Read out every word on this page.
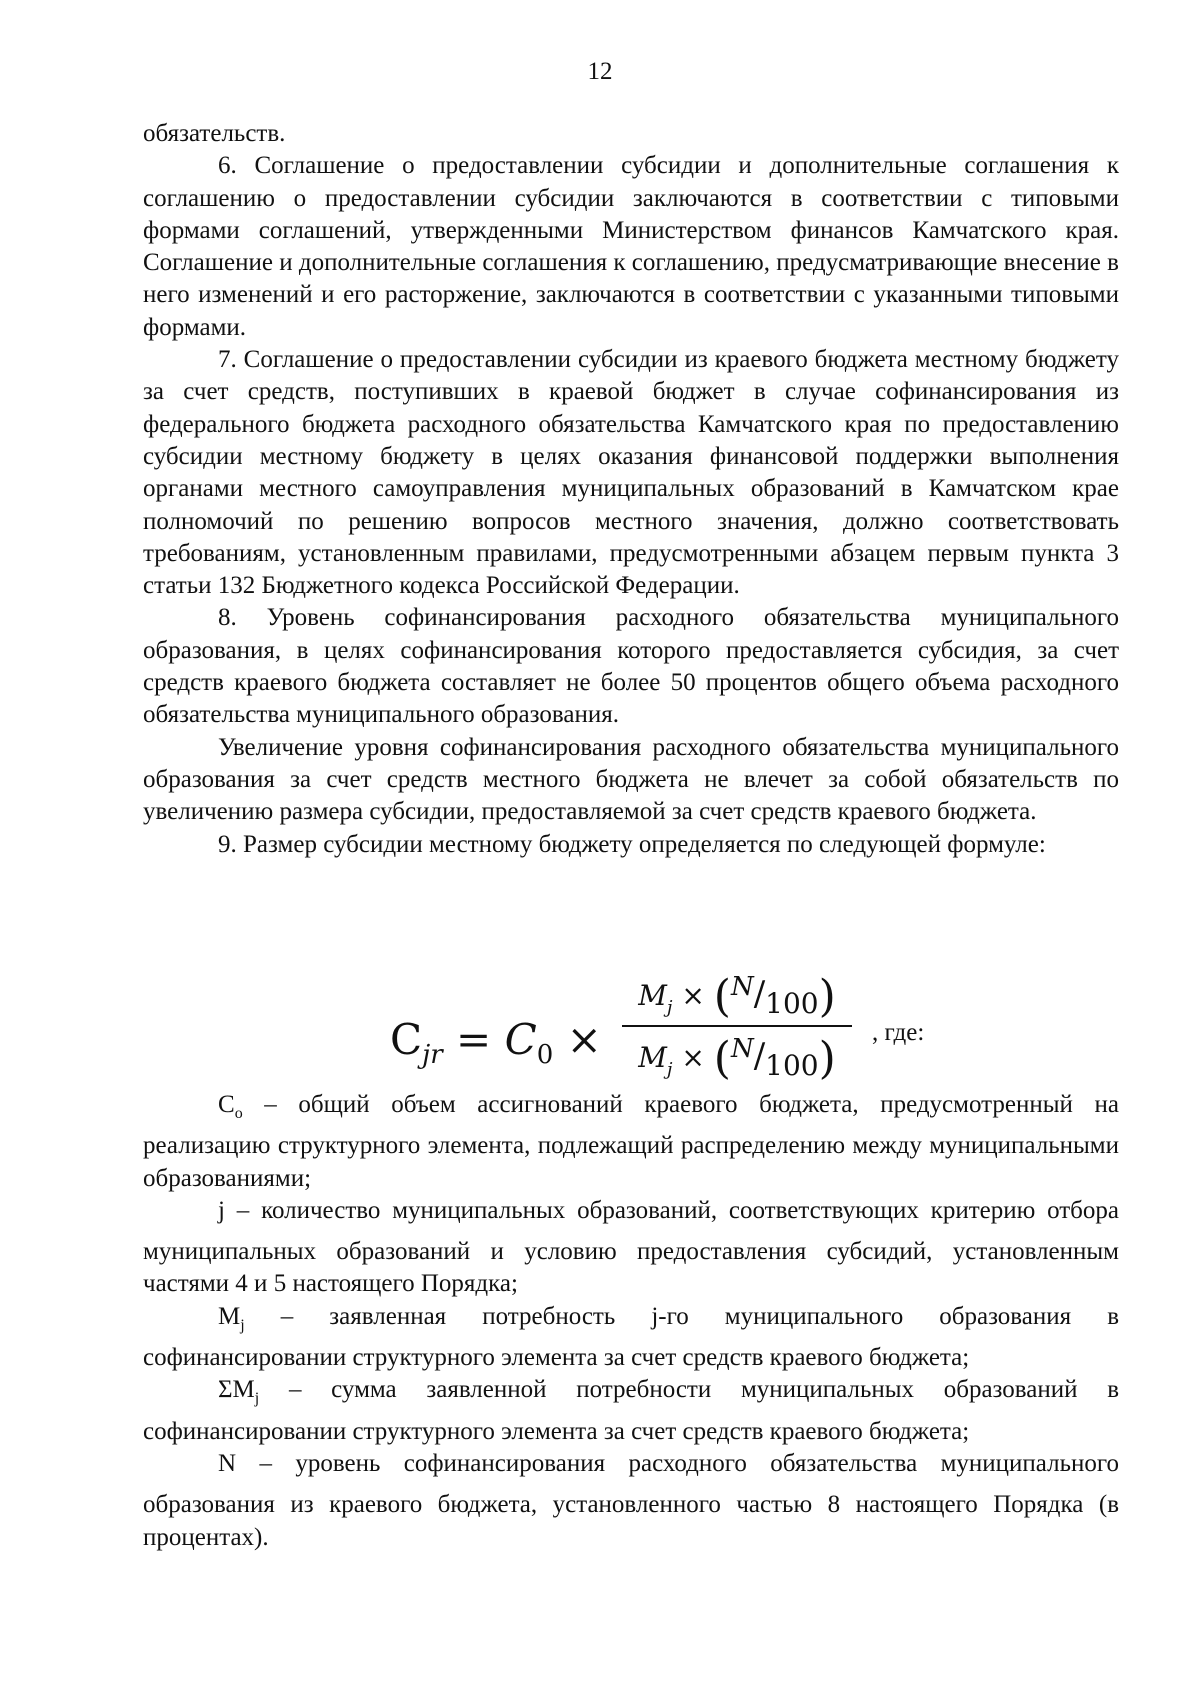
12

обязательств.

6. Соглашение о предоставлении субсидии и дополнительные соглашения к соглашению о предоставлении субсидии заключаются в соответствии с типовыми формами соглашений, утвержденными Министерством финансов Камчатского края. Соглашение и дополнительные соглашения к соглашению, предусматривающие внесение в него изменений и его расторжение, заключаются в соответствии с указанными типовыми формами.

7. Соглашение о предоставлении субсидии из краевого бюджета местному бюджету за счет средств, поступивших в краевой бюджет в случае софинансирования из федерального бюджета расходного обязательства Камчатского края по предоставлению субсидии местному бюджету в целях оказания финансовой поддержки выполнения органами местного самоуправления муниципальных образований в Камчатском крае полномочий по решению вопросов местного значения, должно соответствовать требованиям, установленным правилами, предусмотренными абзацем первым пункта 3 статьи 132 Бюджетного кодекса Российской Федерации.

8. Уровень софинансирования расходного обязательства муниципального образования, в целях софинансирования которого предоставляется субсидия, за счет средств краевого бюджета составляет не более 50 процентов общего объема расходного обязательства муниципального образования.

Увеличение уровня софинансирования расходного обязательства муниципального образования за счет средств местного бюджета не влечет за собой обязательств по увеличению размера субсидии, предоставляемой за счет средств краевого бюджета.

9. Размер субсидии местному бюджету определяется по следующей формуле:

$C_{jr} = C_0$ ×
$M_j \times (N/100)$
$M_j \times (N/100)$
, где:

$C_o$ – общий объем ассигнований краевого бюджета, предусмотренный на реализацию структурного элемента, подлежащий распределению между муниципальными образованиями;

j – количество муниципальных образований, соответствующих критерию отбора муниципальных образований и условию предоставления субсидий, установленным частями 4 и 5 настоящего Порядка;

$M_j$ – заявленная потребность j-го муниципального образования в софинансировании структурного элемента за счет средств краевого бюджета;

$\Sigma M_j$ – сумма заявленной потребности муниципальных образований в софинансировании структурного элемента за счет средств краевого бюджета;

N – уровень софинансирования расходного обязательства муниципального образования из краевого бюджета, установленного частью 8 настоящего Порядка (в процентах).
